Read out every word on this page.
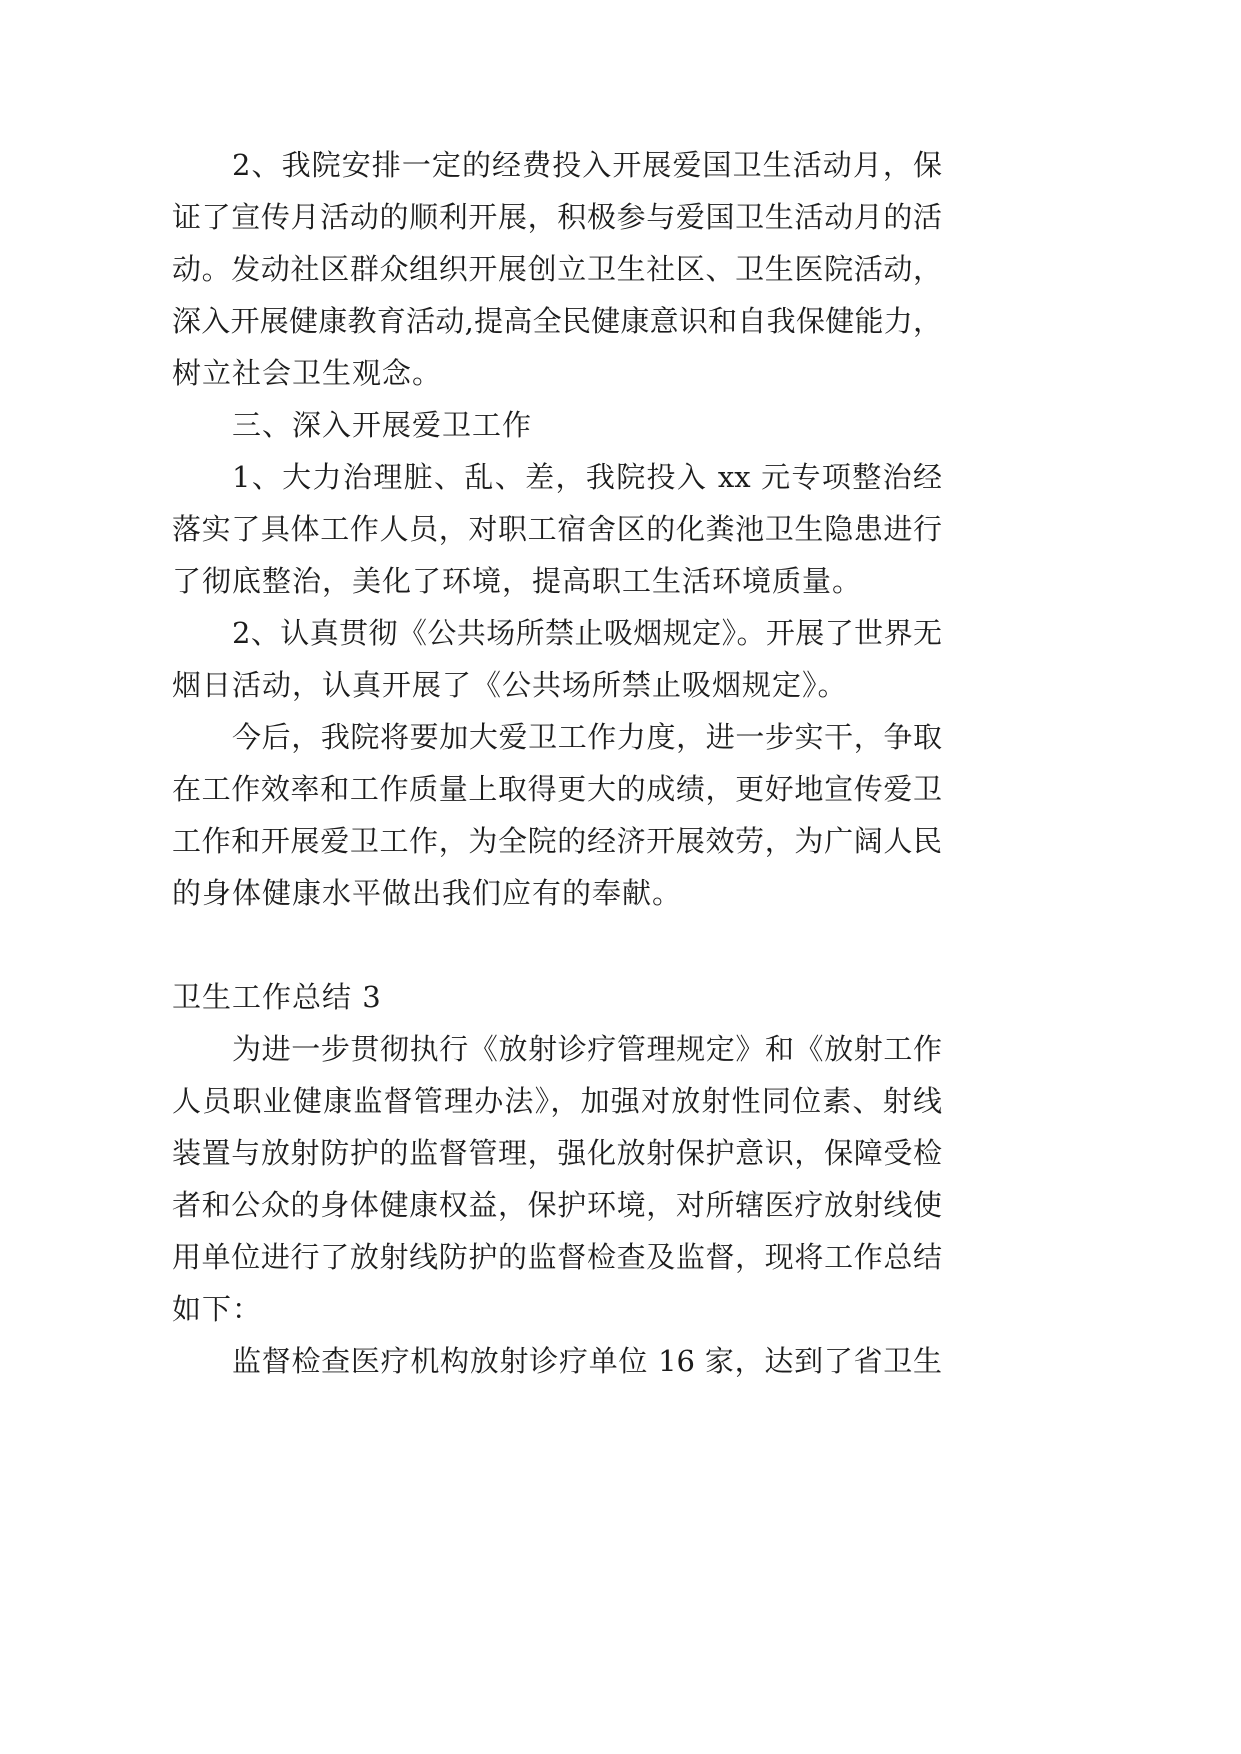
2、我院安排一定的经费投入开展爱国卫生活动月，保
证了宣传月活动的顺利开展，积极参与爱国卫生活动月的活
动。发动社区群众组织开展创立卫生社区、卫生医院活动，
深入开展健康教育活动,提高全民健康意识和自我保健能力，
树立社会卫生观念。
三、深入开展爱卫工作
1、大力治理脏、乱、差，我院投入 xx 元专项整治经
落实了具体工作人员，对职工宿舍区的化粪池卫生隐患进行
了彻底整治，美化了环境，提高职工生活环境质量。
2、认真贯彻《公共场所禁止吸烟规定》。开展了世界无
烟日活动，认真开展了《公共场所禁止吸烟规定》。
今后，我院将要加大爱卫工作力度，进一步实干，争取
在工作效率和工作质量上取得更大的成绩，更好地宣传爱卫
工作和开展爱卫工作，为全院的经济开展效劳，为广阔人民
的身体健康水平做出我们应有的奉献。
卫生工作总结 3
为进一步贯彻执行《放射诊疗管理规定》和《放射工作
人员职业健康监督管理办法》，加强对放射性同位素、射线
装置与放射防护的监督管理，强化放射保护意识，保障受检
者和公众的身体健康权益，保护环境，对所辖医疗放射线使
用单位进行了放射线防护的监督检查及监督，现将工作总结
如下：
监督检查医疗机构放射诊疗单位 16 家，达到了省卫生
